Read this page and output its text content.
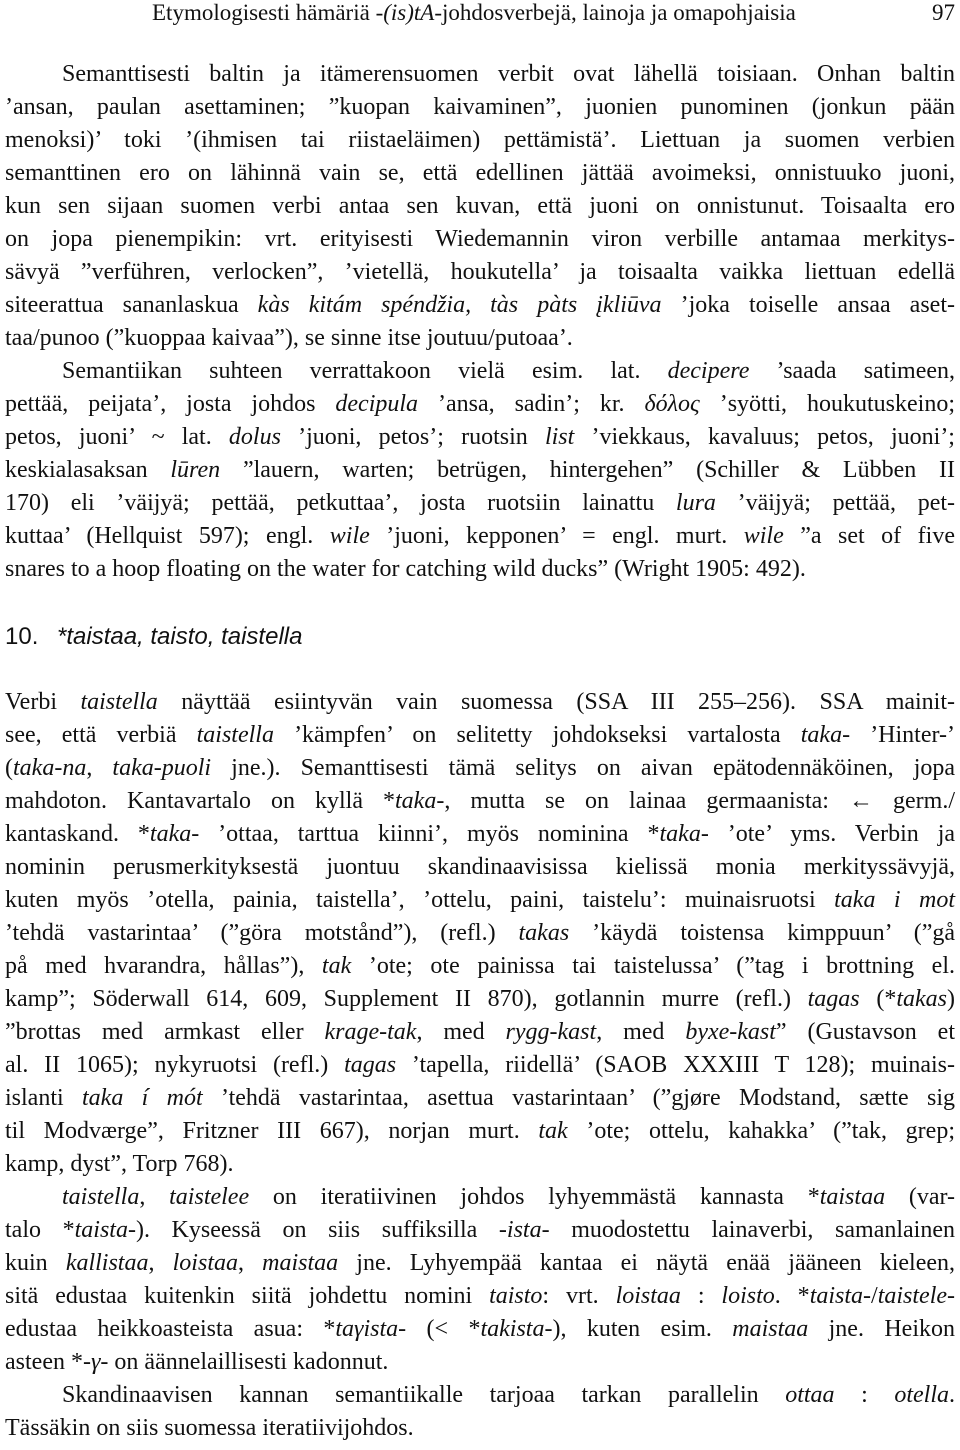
Etymologisesti hämäriä -(is)tA-johdosverbejä, lainoja ja omapohjaisia	97
Semanttisesti baltin ja itämerensuomen verbit ovat lähellä toisiaan. Onhan baltin
’ansan, paulan asettaminen; ”kuopan kaivaminen”, juonien punominen (jonkun pään
menoksi)’ toki ’(ihmisen tai riistaeläimen) pettämistä’. Liettuan ja suomen verbien
semanttinen ero on lähinnä vain se, että edellinen jättää avoimeksi, onnistuuko juoni,
kun sen sijaan suomen verbi antaa sen kuvan, että juoni on onnistunut. Toisaalta ero
on jopa pienempikin: vrt. erityisesti Wiedemannin viron verbille antamaa merkitys-
sävyä ”verführen, verlocken”, ’vietellä, houkutella’ ja toisaalta vaikka liettuan edellä
siteerattua sananlaskua kàs kitám spéndžia, tàs pàts įkliūva ’joka toiselle ansaa aset-
taa/punoo (”kuoppaa kaivaa”), se sinne itse joutuu/putoaa’.
Semantiikan suhteen verrattakoon vielä esim. lat. decipere ’saada satimeen,
pettää, peijata’, josta johdos decipula ’ansa, sadin’; kr. δόλος ’syötti, houkutuskeino;
petos, juoni’ ~ lat. dolus ’juoni, petos’; ruotsin list ’viekkaus, kavaluus; petos, juoni’;
keskialasaksan lūren ”lauern, warten; betrügen, hintergehen” (Schiller & Lübben II
170) eli ’väijyä; pettää, petkuttaa’, josta ruotsiin lainattu lura ’väijyä; pettää, pet-
kuttaa’ (Hellquist 597); engl. wile ’juoni, kepponen’ = engl. murt. wile ”a set of five
snares to a hoop floating on the water for catching wild ducks” (Wright 1905: 492).
10. *taistaa, taisto, taistella
Verbi taistella näyttää esiintyvän vain suomessa (SSA III 255–256). SSA mainit-
see, että verbiä taistella ’kämpfen’ on selitetty johdokseksi vartalosta taka- ’Hinter-’
(taka-na, taka-puoli jne.). Semanttisesti tämä selitys on aivan epätodennäköinen, jopa
mahdoton. Kantavartalo on kyllä *taka-, mutta se on lainaa germaanista: ← germ./
kantaskand. *taka- ’ottaa, tarttua kiinni’, myös nominina *taka- ’ote’ yms. Verbin ja
nominin perusmerkityksestä juontuu skandinaavisissa kielissä monia merkityssävyjä,
kuten myös ’otella, painia, taistella’, ’ottelu, paini, taistelu’: muinaisruotsi taka i mot
’tehdä vastarintaa’ (”göra motstånd”), (refl.) takas ’käydä toistensa kimppuun’ (”gå
på med hvarandra, hållas”), tak ’ote; ote painissa tai taistelussa’ (”tag i brottning el.
kamp”; Söderwall 614, 609, Supplement II 870), gotlannin murre (refl.) tagas (*takas)
”brottas med armkast eller krage-tak, med rygg-kast, med byxe-kast” (Gustavson et
al. II 1065); nykyruotsi (refl.) tagas ’tapella, riidellä’ (SAOB XXXIII T 128); muinais-
islanti taka í mót ’tehdä vastarintaa, asettua vastarintaan’ (”gjøre Modstand, sætte sig
til Modværge”, Fritzner III 667), norjan murt. tak ’ote; ottelu, kahakka’ (”tak, grep;
kamp, dyst”, Torp 768).
taistella, taistelee on iteratiivinen johdos lyhyemmästä kannasta *taistaa (var-
talo *taista-). Kyseessä on siis suffiksilla -ista- muodostettu lainaverbi, samanlainen
kuin kallistaa, loistaa, maistaa jne. Lyhyempää kantaa ei näytä enää jääneen kieleen,
sitä edustaa kuitenkin siitä johdettu nomini taisto: vrt. loistaa : loisto. *taista-/taistele-
edustaa heikkoasteista asua: *taγista- (< *takista-), kuten esim. maistaa jne. Heikon
asteen *-γ- on äännelaillisesti kadonnut.
Skandinaavisen kannan semantiikalle tarjoaa tarkan parallelin ottaa : otella.
Tässäkin on siis suomessa iteratiivijohdos.
